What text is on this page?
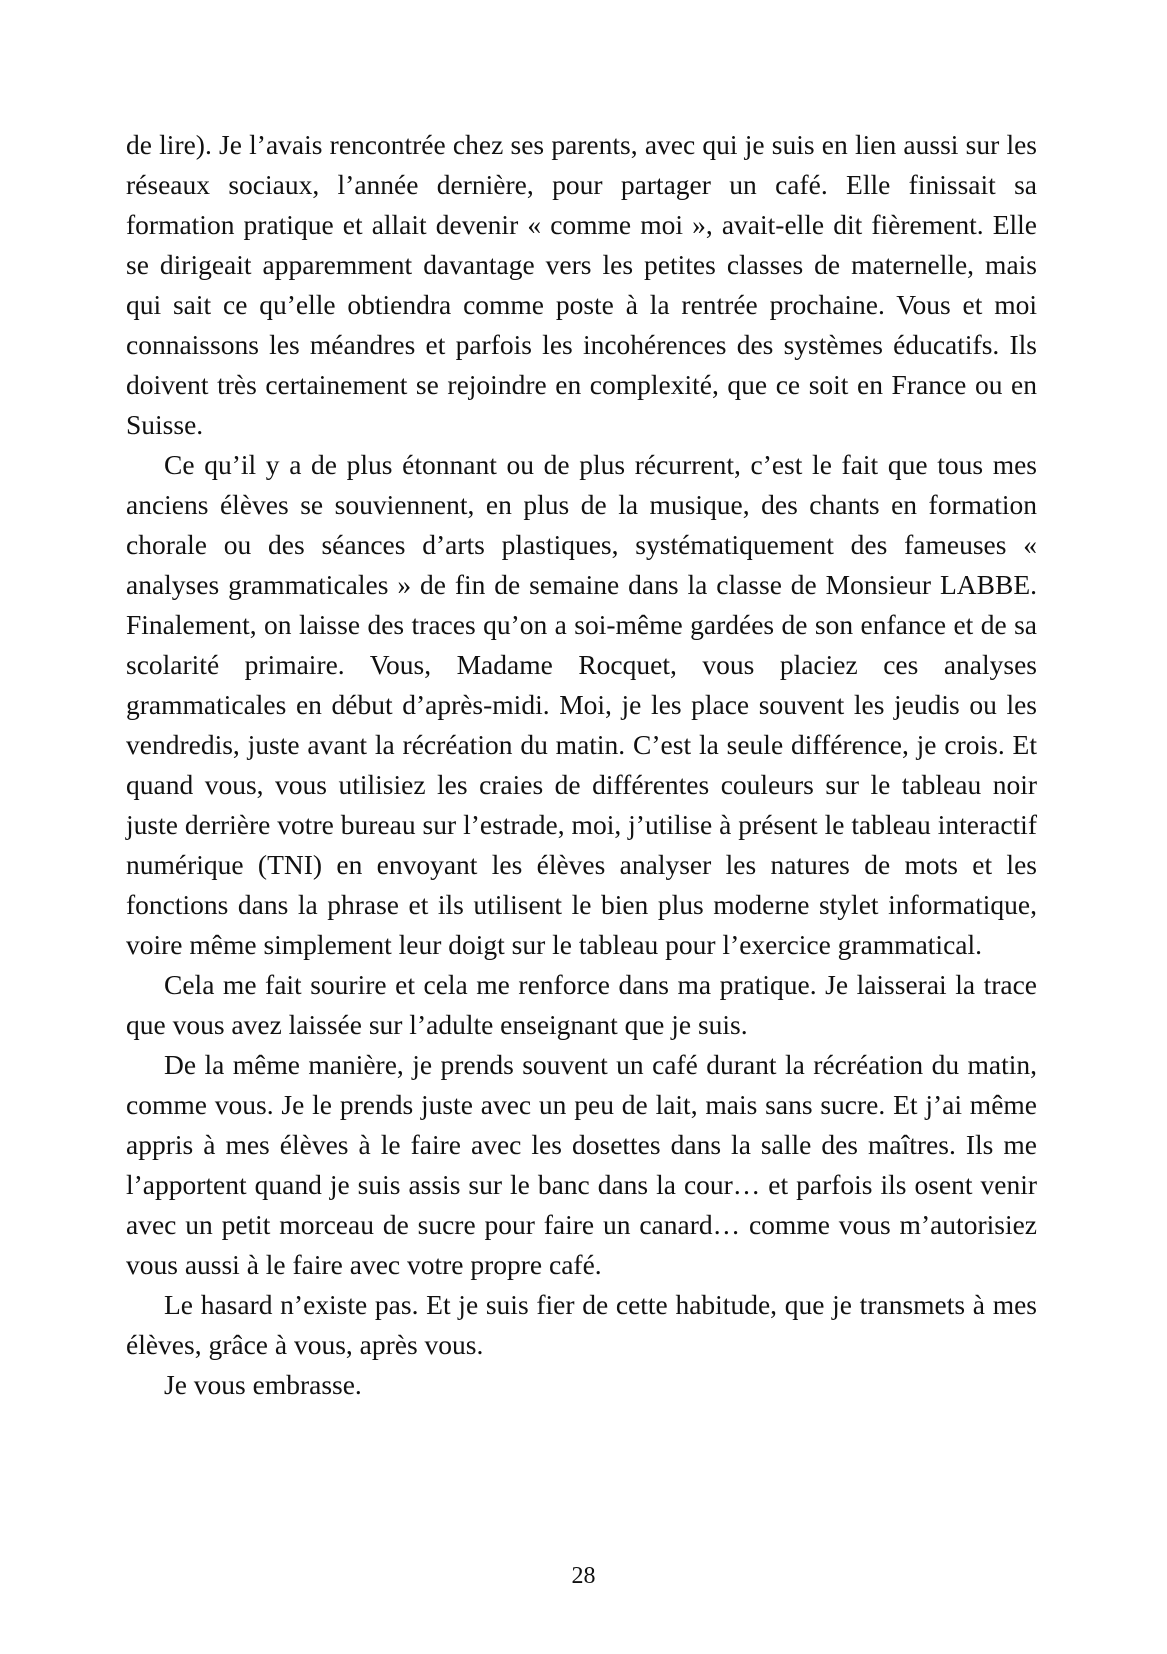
de lire). Je l’avais rencontrée chez ses parents, avec qui je suis en lien aussi sur les réseaux sociaux, l’année dernière, pour partager un café. Elle finissait sa formation pratique et allait devenir « comme moi », avait-elle dit fièrement. Elle se dirigeait apparemment davantage vers les petites classes de maternelle, mais qui sait ce qu’elle obtiendra comme poste à la rentrée prochaine. Vous et moi connaissons les méandres et parfois les incohérences des systèmes éducatifs. Ils doivent très certainement se rejoindre en complexité, que ce soit en France ou en Suisse.

Ce qu’il y a de plus étonnant ou de plus récurrent, c’est le fait que tous mes anciens élèves se souviennent, en plus de la musique, des chants en formation chorale ou des séances d’arts plastiques, systématiquement des fameuses « analyses grammaticales » de fin de semaine dans la classe de Monsieur LABBE. Finalement, on laisse des traces qu’on a soi-même gardées de son enfance et de sa scolarité primaire. Vous, Madame Rocquet, vous placiez ces analyses grammaticales en début d’après-midi. Moi, je les place souvent les jeudis ou les vendredis, juste avant la récréation du matin. C’est la seule différence, je crois. Et quand vous, vous utilisiez les craies de différentes couleurs sur le tableau noir juste derrière votre bureau sur l’estrade, moi, j’utilise à présent le tableau interactif numérique (TNI) en envoyant les élèves analyser les natures de mots et les fonctions dans la phrase et ils utilisent le bien plus moderne stylet informatique, voire même simplement leur doigt sur le tableau pour l’exercice grammatical.

Cela me fait sourire et cela me renforce dans ma pratique. Je laisserai la trace que vous avez laissée sur l’adulte enseignant que je suis.

De la même manière, je prends souvent un café durant la récréation du matin, comme vous. Je le prends juste avec un peu de lait, mais sans sucre. Et j’ai même appris à mes élèves à le faire avec les dosettes dans la salle des maîtres. Ils me l’apportent quand je suis assis sur le banc dans la cour… et parfois ils osent venir avec un petit morceau de sucre pour faire un canard… comme vous m’autorisiez vous aussi à le faire avec votre propre café.

Le hasard n’existe pas. Et je suis fier de cette habitude, que je transmets à mes élèves, grâce à vous, après vous.

Je vous embrasse.

28
